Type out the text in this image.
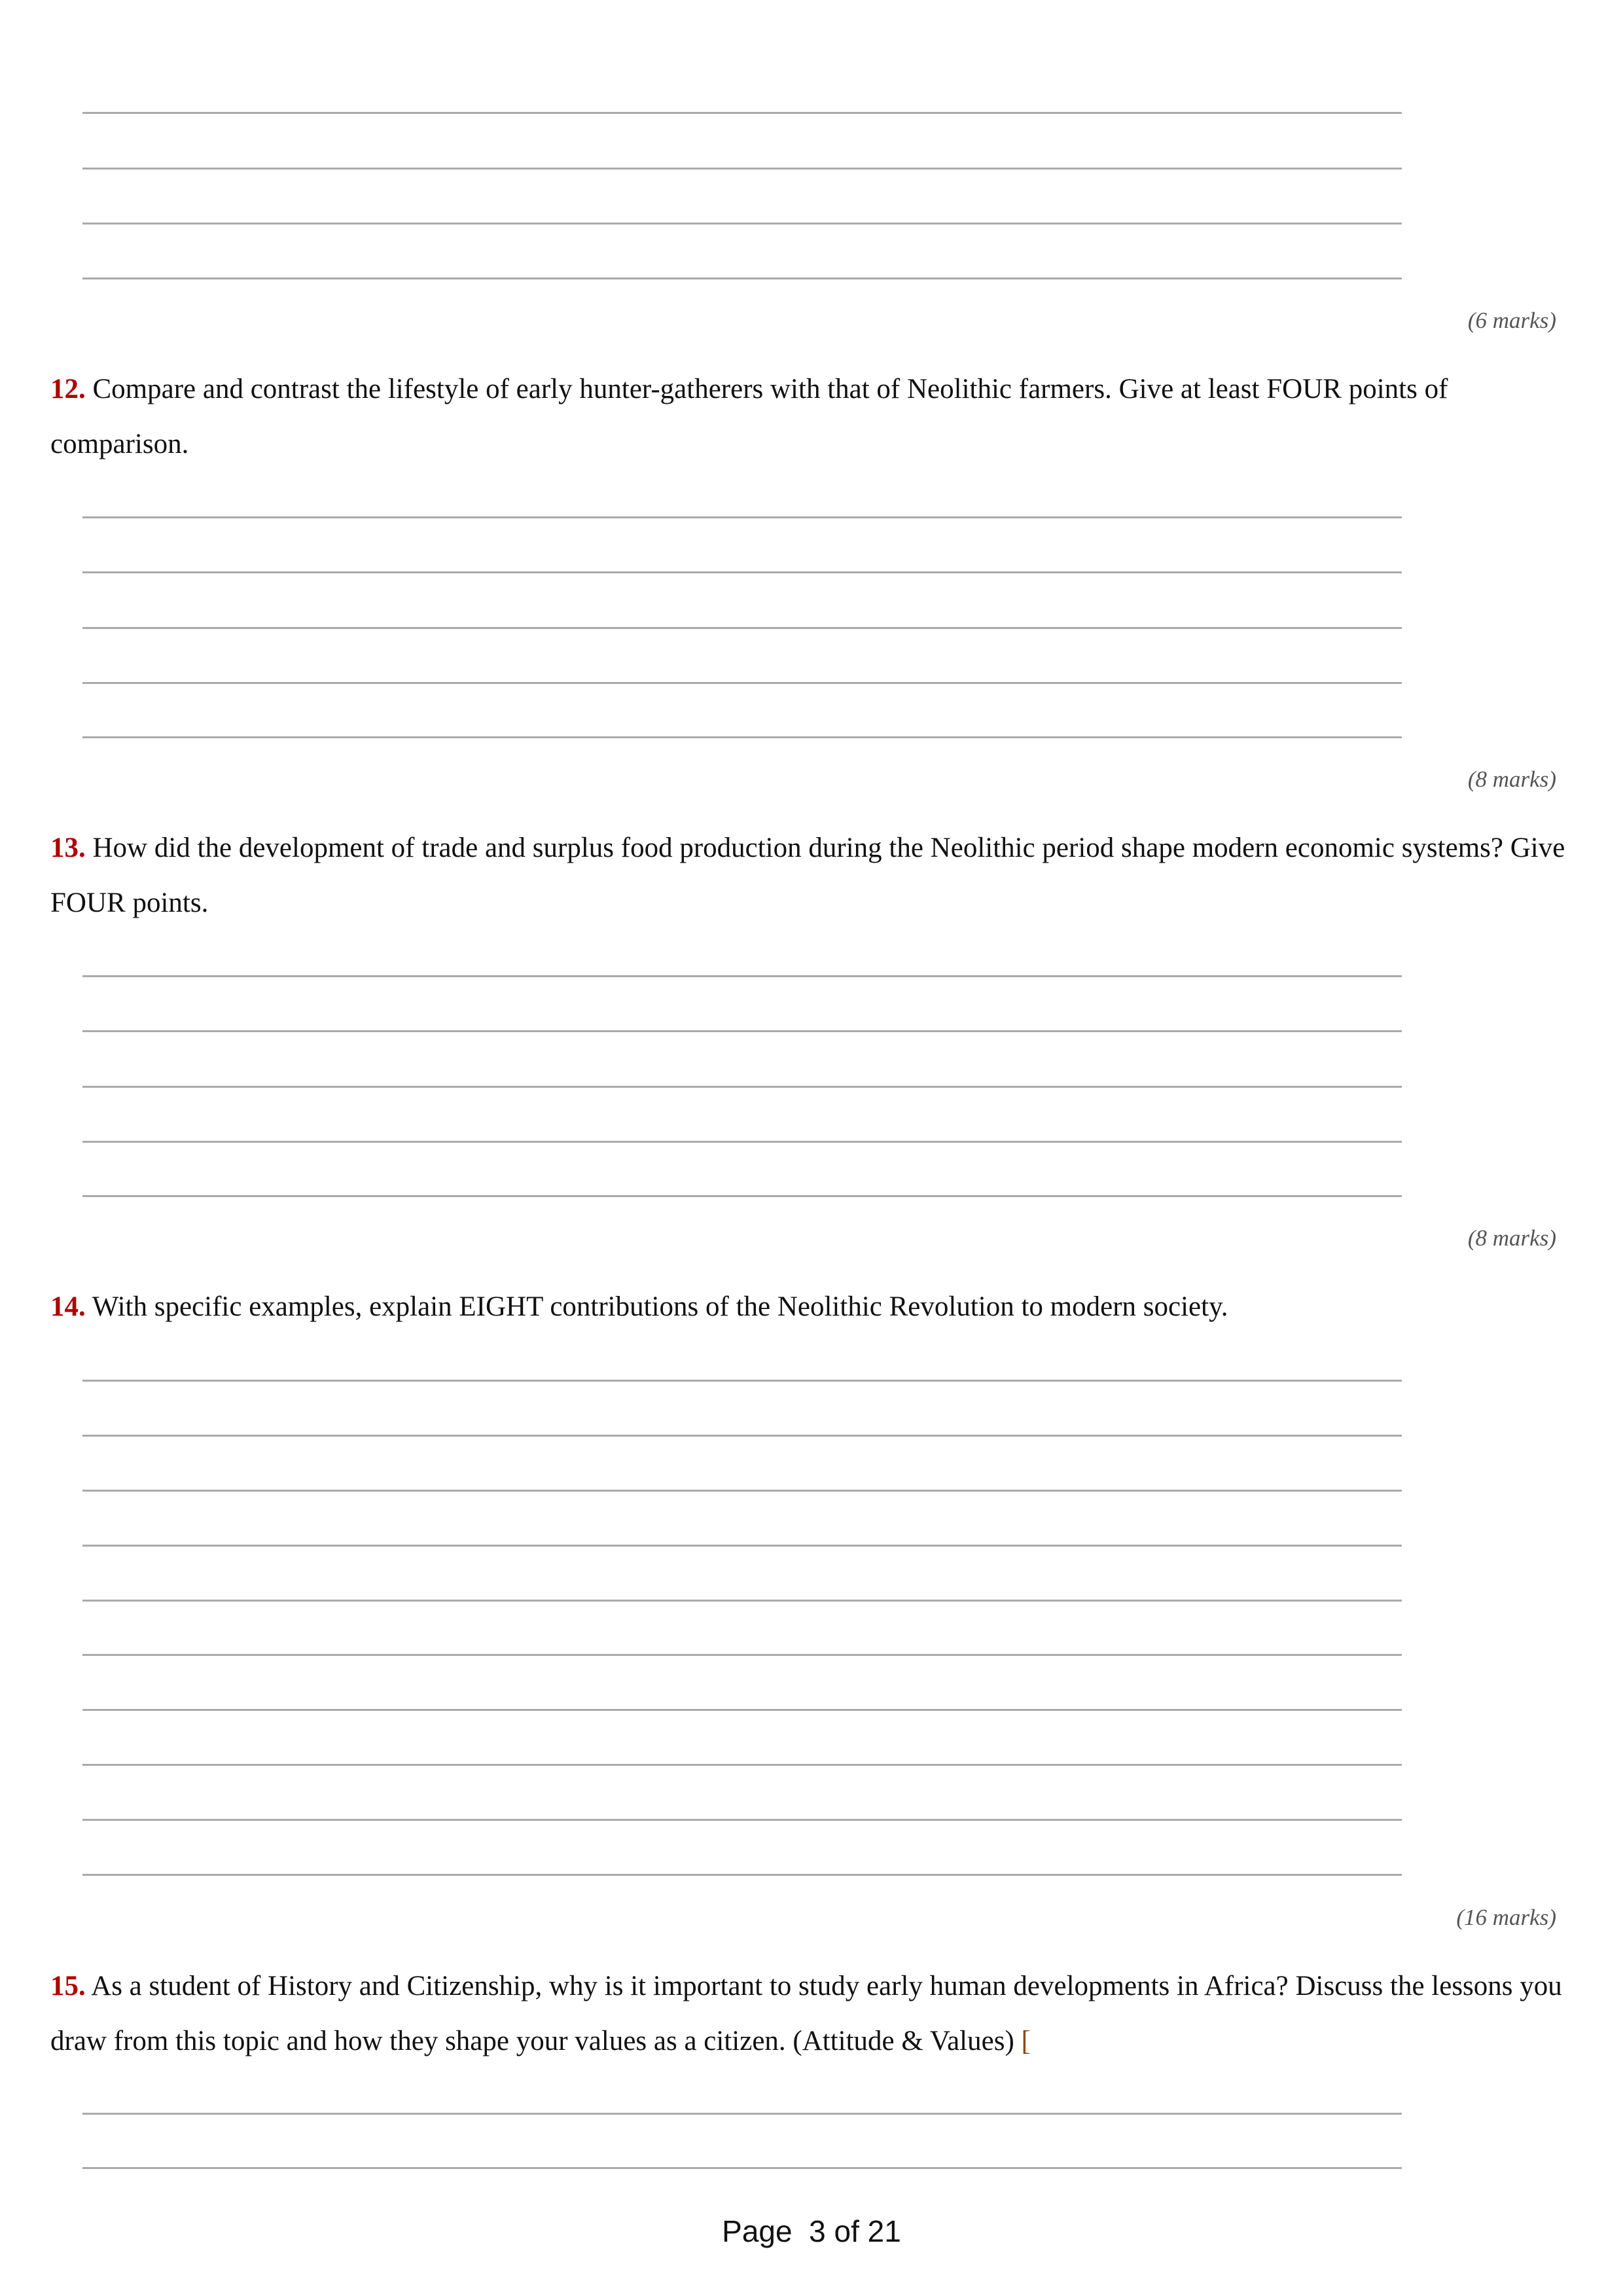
(6 marks)
12. Compare and contrast the lifestyle of early hunter-gatherers with that of Neolithic farmers. Give at least FOUR points of comparison.
(8 marks)
13. How did the development of trade and surplus food production during the Neolithic period shape modern economic systems? Give FOUR points.
(8 marks)
14. With specific examples, explain EIGHT contributions of the Neolithic Revolution to modern society.
(16 marks)
15. As a student of History and Citizenship, why is it important to study early human developments in Africa? Discuss the lessons you draw from this topic and how they shape your values as a citizen. (Attitude & Values) [
Page  3 of 21
